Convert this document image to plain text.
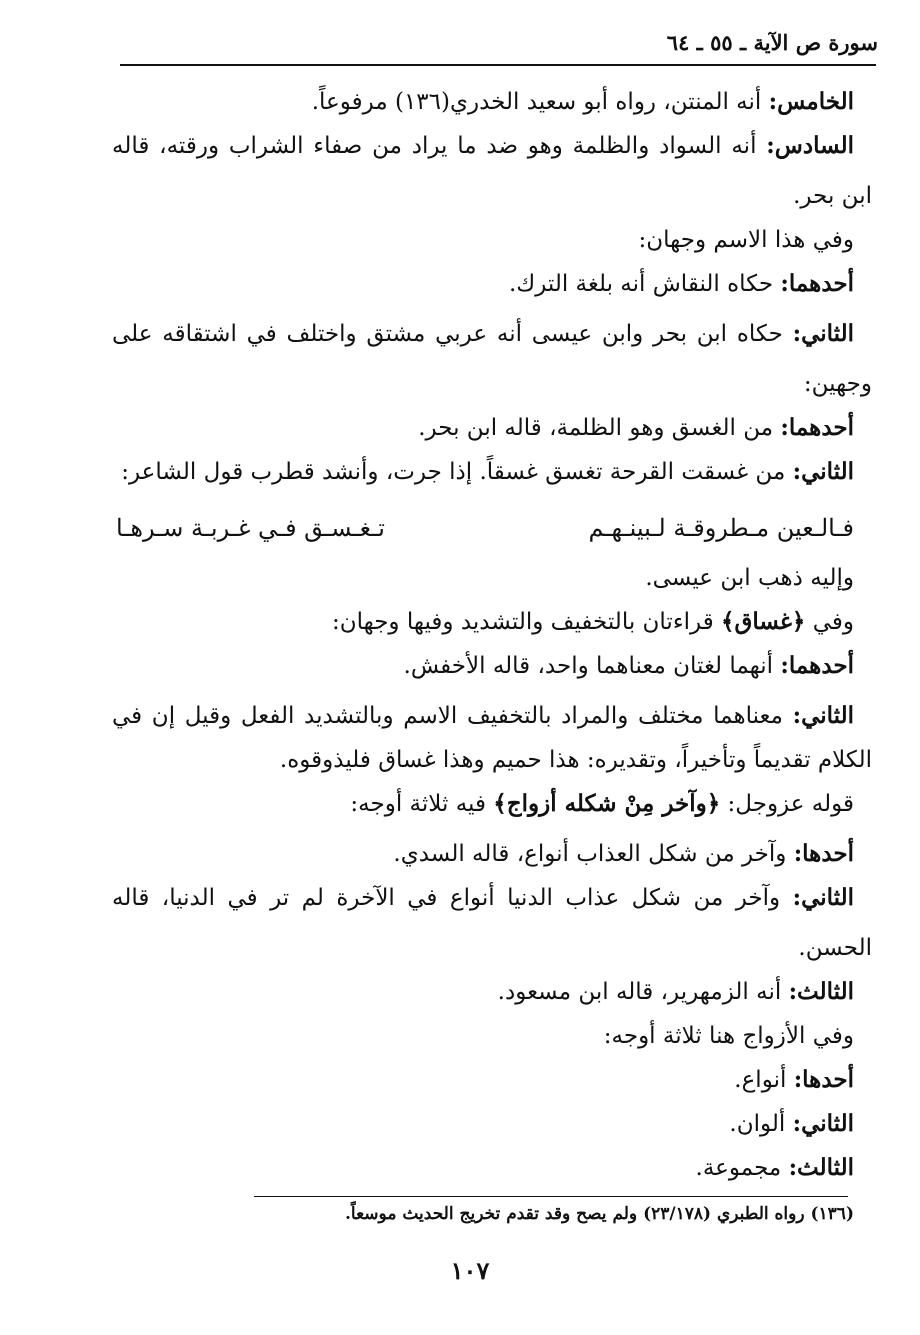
سورة ص الآية ـ ٥٥ ـ ٦٤
الخامس: أنه المنتن، رواه أبو سعيد الخدري(١٣٦) مرفوعاً.
السادس: أنه السواد والظلمة وهو ضد ما يراد من صفاء الشراب ورقته، قاله
ابن بحر.
وفي هذا الاسم وجهان:
أحدهما: حكاه النقاش أنه بلغة الترك.
الثاني: حكاه ابن بحر وابن عيسى أنه عربي مشتق واختلف في اشتقاقه على
وجهين:
أحدهما: من الغسق وهو الظلمة، قاله ابن بحر.
الثاني: من غسقت القرحة تغسق غسقاً. إذا جرت، وأنشد قطرب قول الشاعر:
فـالـعين مـطروقـة لـبينـهـم
تـغـسـق فـي غـربـة سـرهـا
وإليه ذهب ابن عيسى.
وفي ﴿غساق﴾ قراءتان بالتخفيف والتشديد وفيها وجهان:
أحدهما: أنهما لغتان معناهما واحد، قاله الأخفش.
الثاني: معناهما مختلف والمراد بالتخفيف الاسم وبالتشديد الفعل وقيل إن في
الكلام تقديماً وتأخيراً، وتقديره: هذا حميم وهذا غساق فليذوقوه.
قوله عزوجل: ﴿وآخر مِنْ شكله أزواج﴾ فيه ثلاثة أوجه:
أحدها: وآخر من شكل العذاب أنواع، قاله السدي.
الثاني: وآخر من شكل عذاب الدنيا أنواع في الآخرة لم تر في الدنيا، قاله
الحسن.
الثالث: أنه الزمهرير، قاله ابن مسعود.
وفي الأزواج هنا ثلاثة أوجه:
أحدها: أنواع.
الثاني: ألوان.
الثالث: مجموعة.
(١٣٦) رواه الطبري (٢٣/١٧٨) ولم يصح وقد تقدم تخريج الحديث موسعاً.
١٠٧
